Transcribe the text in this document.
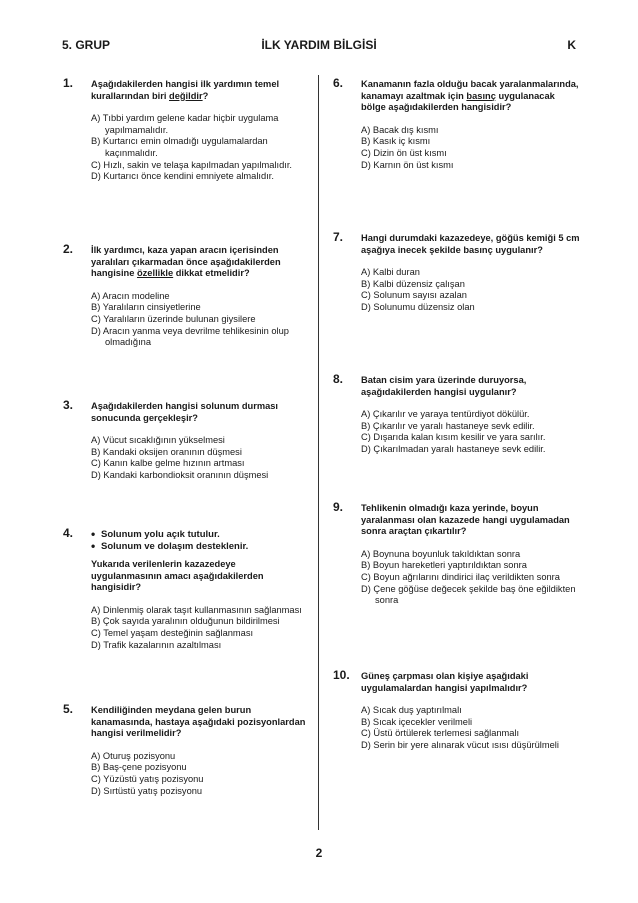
İLK YARDIM BİLGİSİ
5. GRUP	K
1. Aşağıdakilerden hangisi ilk yardımın temel kurallarından biri değildir?
A) Tıbbi yardım gelene kadar hiçbir uygulama yapılmamalıdır.
B) Kurtarıcı emin olmadığı uygulamalardan kaçınmalıdır.
C) Hızlı, sakin ve telaşa kapılmadan yapılmalıdır.
D) Kurtarıcı önce kendini emniyete almalıdır.
2. İlk yardımcı, kaza yapan aracın içerisinden yaralıları çıkarmadan önce aşağıdakilerden hangisine özellikle dikkat etmelidir?
A) Aracın modeline
B) Yaralıların cinsiyetlerine
C) Yaralıların üzerinde bulunan giysilere
D) Aracın yanma veya devrilme tehlikesinin olup olmadığına
3. Aşağıdakilerden hangisi solunum durması sonucunda gerçekleşir?
A) Vücut sıcaklığının yükselmesi
B) Kandaki oksijen oranının düşmesi
C) Kanın kalbe gelme hızının artması
D) Kandaki karbondioksit oranının düşmesi
4.
•	Solunum yolu açık tutulur.
• Solunum ve dolaşım desteklenir.
Yukarıda verilenlerin kazazedeye uygulanmasının amacı aşağıdakilerden hangisidir?
A) Dinlenmiş olarak taşıt kullanmasının sağlanması
B) Çok sayıda yaralının olduğunun bildirilmesi
C) Temel yaşam desteğinin sağlanması
D) Trafik kazalarının azaltılması
5. Kendiliğinden meydana gelen burun kanamasında, hastaya aşağıdaki pozisyonlardan hangisi verilmelidir?
A) Oturuş pozisyonu
B) Baş-çene pozisyonu
C) Yüzüstü yatış pozisyonu
D) Sırtüstü yatış pozisyonu
6. Kanamanın fazla olduğu bacak yaralanmalarında, kanamayı azaltmak için basınç uygulanacak bölge aşağıdakilerden hangisidir?
A) Bacak dış kısmı
B) Kasık iç kısmı
C) Dizin ön üst kısmı
D) Karnın ön üst kısmı
7. Hangi durumdaki kazazedeye, göğüs kemiği 5 cm aşağıya inecek şekilde basınç uygulanır?
A) Kalbi duran
B) Kalbi düzensiz çalışan
C) Solunum sayısı azalan
D) Solunumu düzensiz olan
8. Batan cisim yara üzerinde duruyorsa, aşağıdakilerden hangisi uygulanır?
A) Çıkarılır ve yaraya tentürdiyot dökülür.
B) Çıkarılır ve yaralı hastaneye sevk edilir.
C) Dışarıda kalan kısım kesilir ve yara sarılır.
D) Çıkarılmadan yaralı hastaneye sevk edilir.
9. Tehlikenin olmadığı kaza yerinde, boyun yaralanması olan kazazede hangi uygulamadan sonra araçtan çıkartılır?
A) Boynuna boyunluk takıldıktan sonra
B) Boyun hareketleri yaptırıldıktan sonra
C) Boyun ağrılarını dindirici ilaç verildikten sonra
D) Çene göğüse değecek şekilde baş öne eğildikten sonra
10. Güneş çarpması olan kişiye aşağıdaki uygulamalardan hangisi yapılmalıdır?
A) Sıcak duş yaptırılmalı
B) Sıcak içecekler verilmeli
C) Üstü örtülerek terlemesi sağlanmalı
D) Serin bir yere alınarak vücut ısısı düşürülmeli
2
